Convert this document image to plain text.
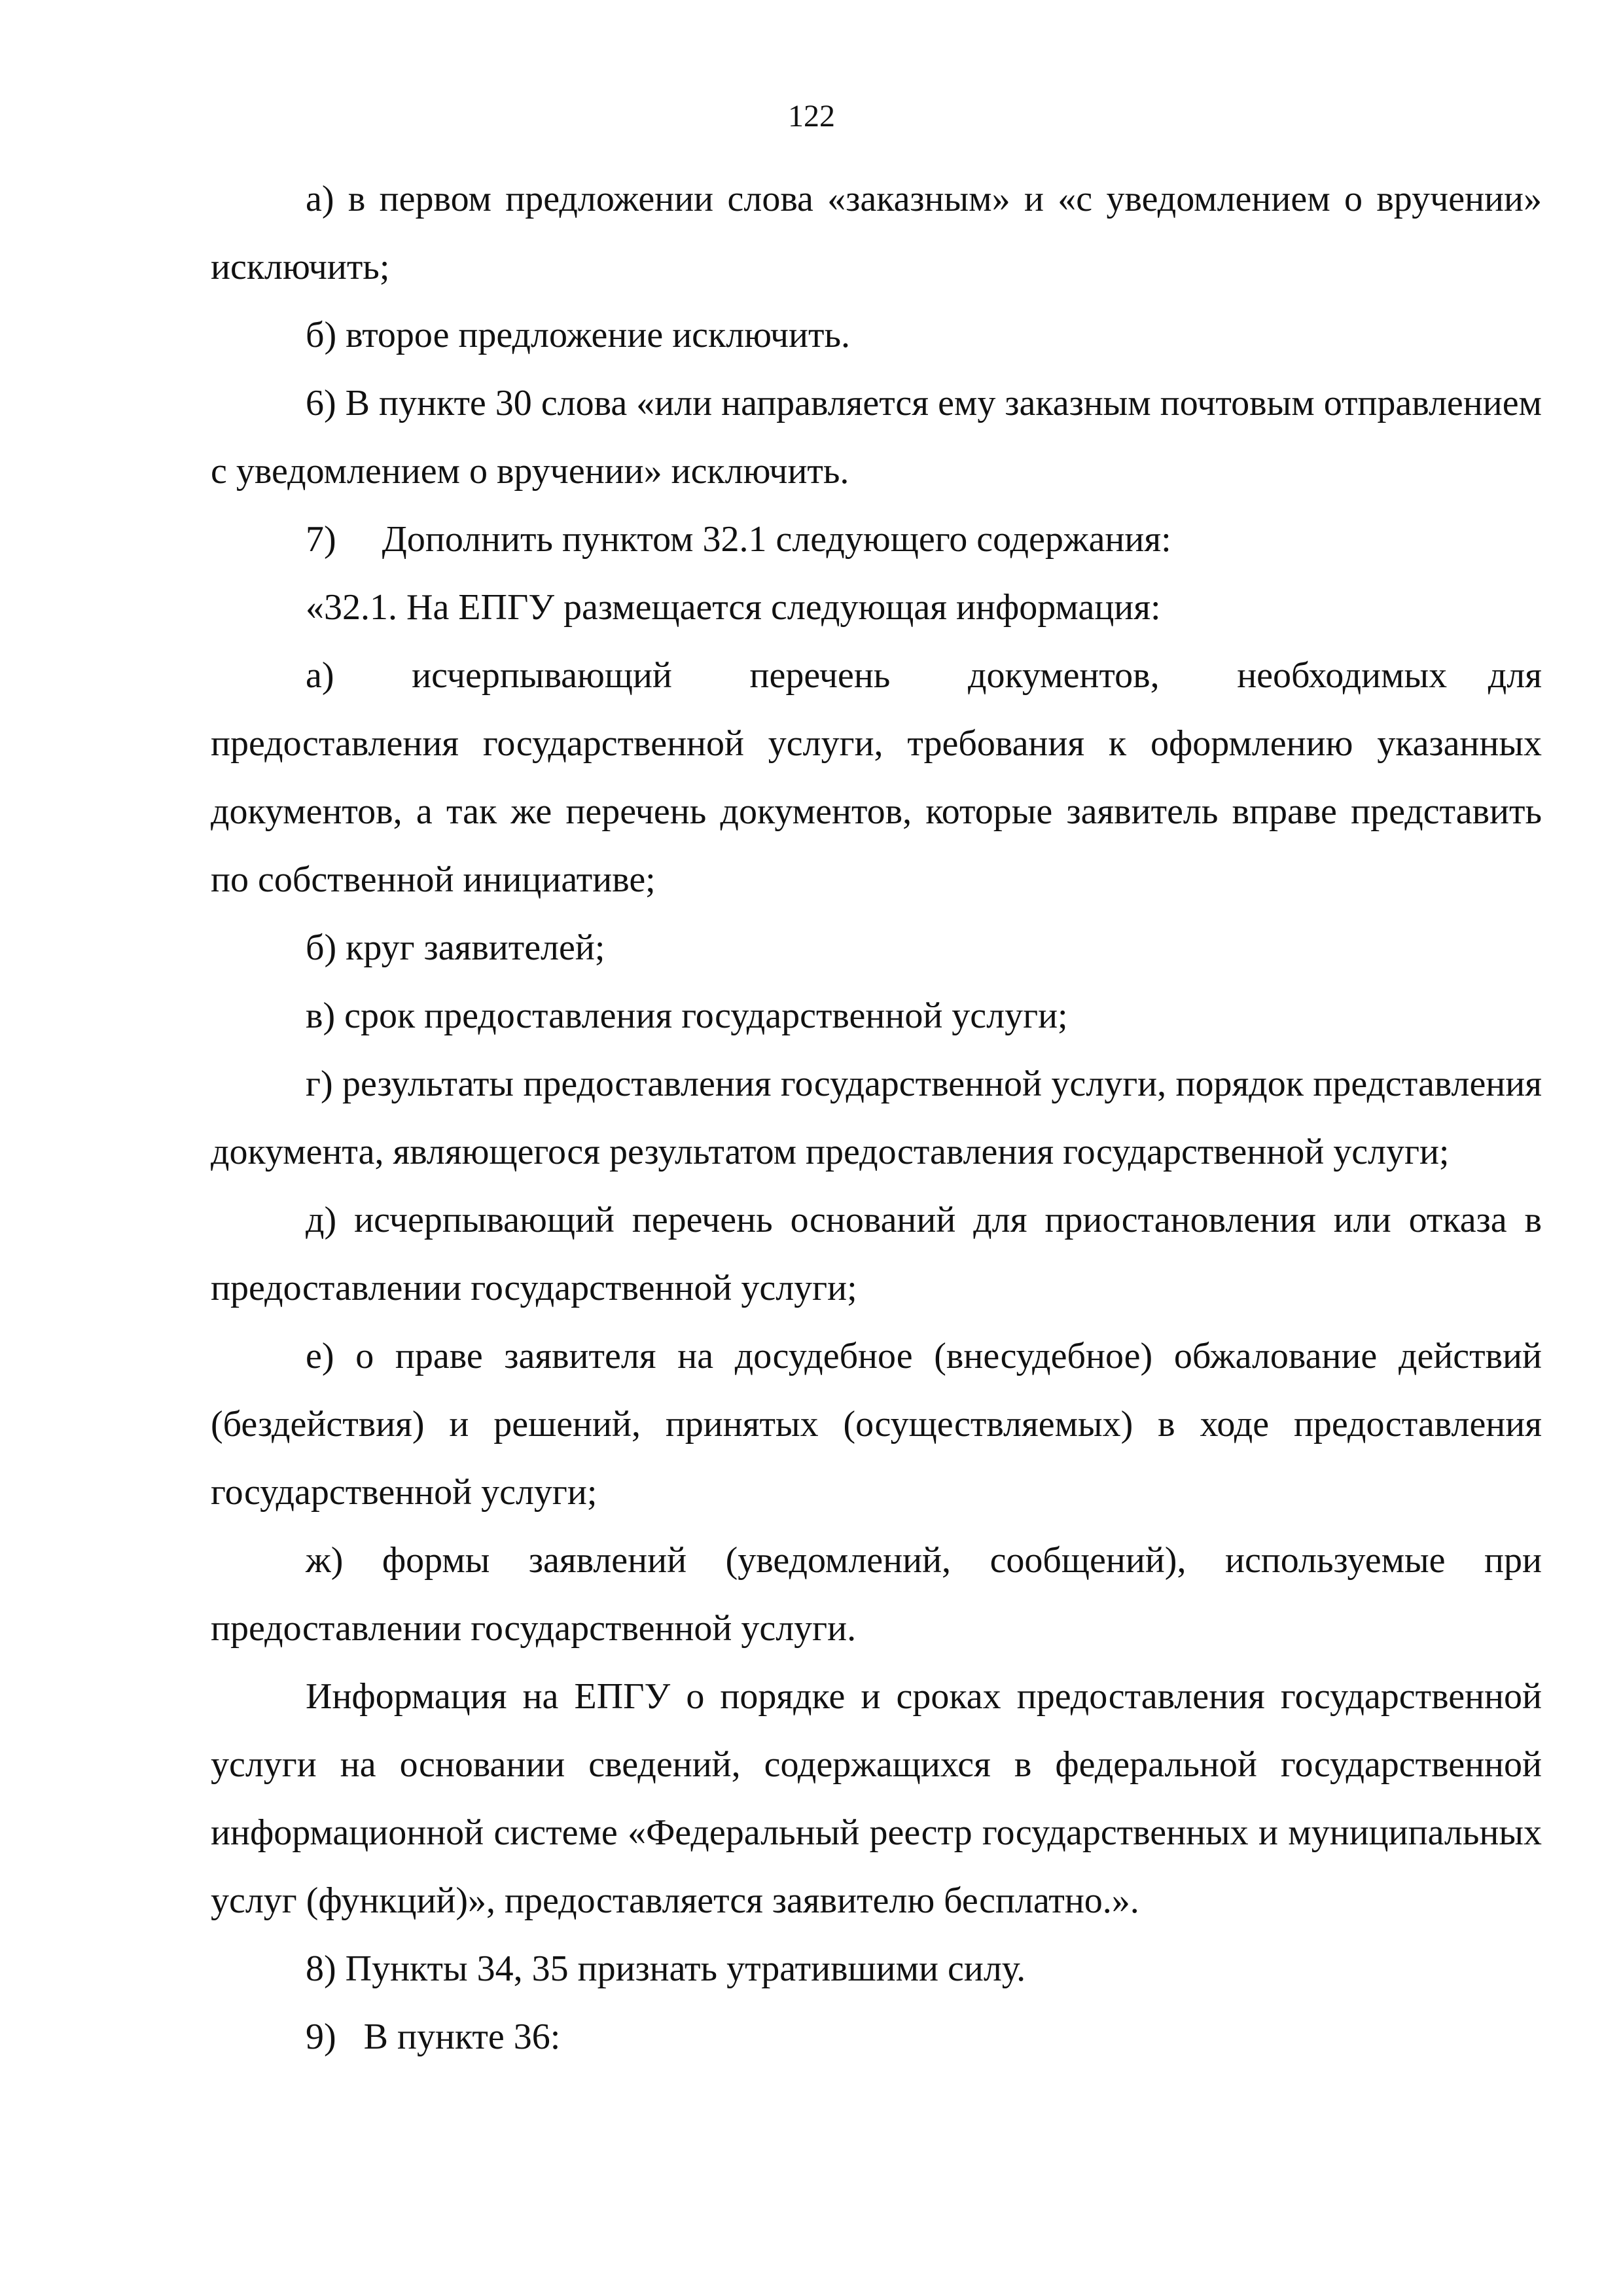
122

а) в первом предложении слова «заказным» и «с уведомлением о вручении» исключить;

б) второе предложение исключить.

6) В пункте 30 слова «или направляется ему заказным почтовым отправлением с уведомлением о вручении» исключить.

7)  Дополнить пунктом 32.1 следующего содержания:

«32.1. На ЕПГУ размещается следующая информация:

а)  исчерпывающий  перечень  документов,  необходимых для предоставления государственной услуги, требования к оформлению указанных документов, а так же перечень документов, которые заявитель вправе представить по собственной инициативе;

б) круг заявителей;

в) срок предоставления государственной услуги;

г) результаты предоставления государственной услуги, порядок представления документа, являющегося результатом предоставления государственной услуги;

д) исчерпывающий перечень оснований для приостановления или отказа в предоставлении государственной услуги;

е) о праве заявителя на досудебное (внесудебное) обжалование действий (бездействия) и решений, принятых (осуществляемых) в ходе предоставления государственной услуги;

ж) формы заявлений (уведомлений, сообщений), используемые при предоставлении государственной услуги.

Информация на ЕПГУ о порядке и сроках предоставления государственной услуги на основании сведений, содержащихся в федеральной государственной информационной системе «Федеральный реестр государственных и муниципальных услуг (функций)», предоставляется заявителю бесплатно.».

8) Пункты 34, 35 признать утратившими силу.

9)  В пункте 36:
